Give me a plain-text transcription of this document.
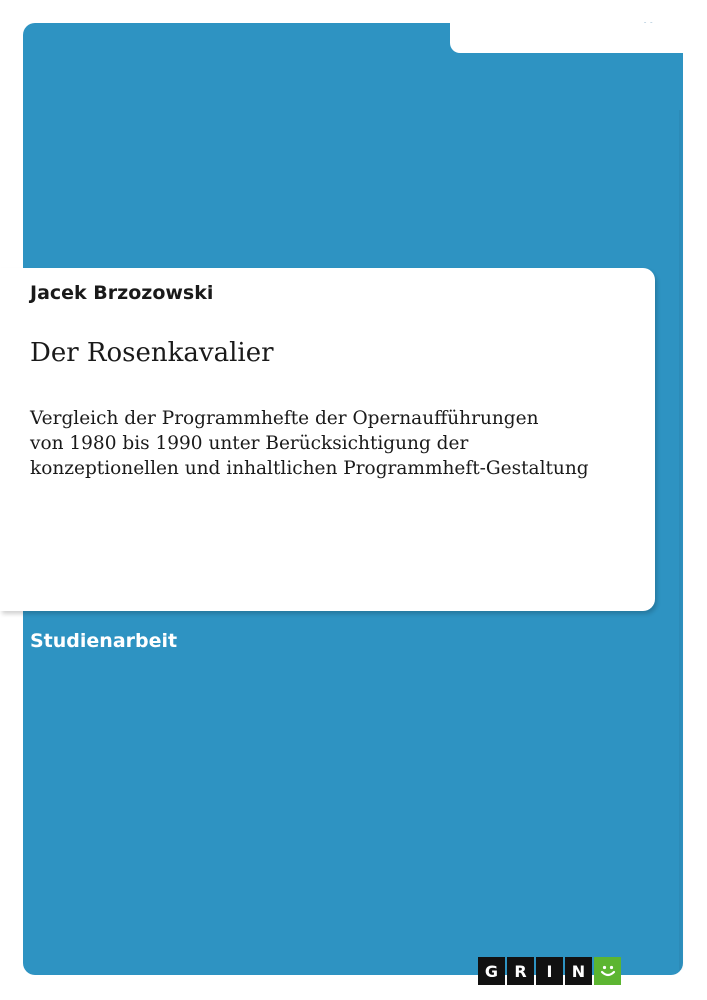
Jacek Brzozowski
Der Rosenkavalier
Vergleich der Programmhefte der Opernaufführungen
von 1980 bis 1990 unter Berücksichtigung der
konzeptionellen und inhaltlichen Programmheft-Gestaltung
Studienarbeit
G	R	I	N
